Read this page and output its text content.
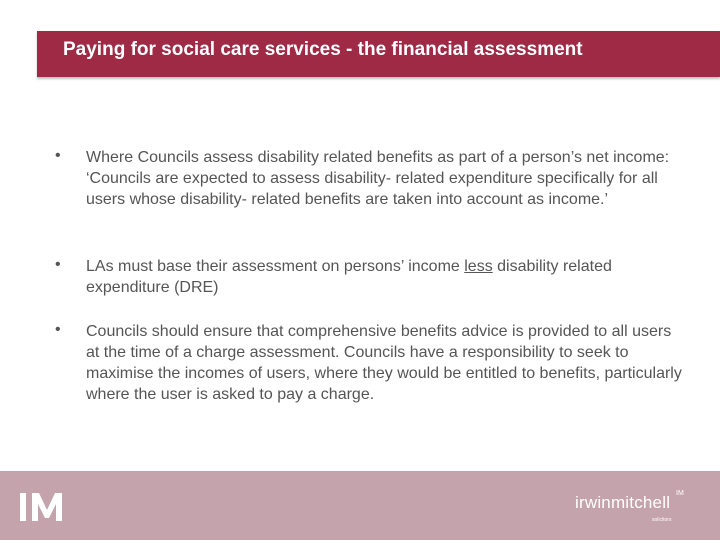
Paying for social care services - the financial assessment
• Where Councils assess disability related benefits as part of a person’s net income: ‘Councils are expected to assess disability- related expenditure specifically for all users whose disability- related benefits are taken into account as income.’
• LAs must base their assessment on persons’ income less disability related expenditure (DRE)
• Councils should ensure that comprehensive benefits advice is provided to all users at the time of a charge assessment. Councils have a responsibility to seek to maximise the incomes of users, where they would be entitled to benefits, particularly where the user is asked to pay a charge.
irwinmitchell IM
solicitors
